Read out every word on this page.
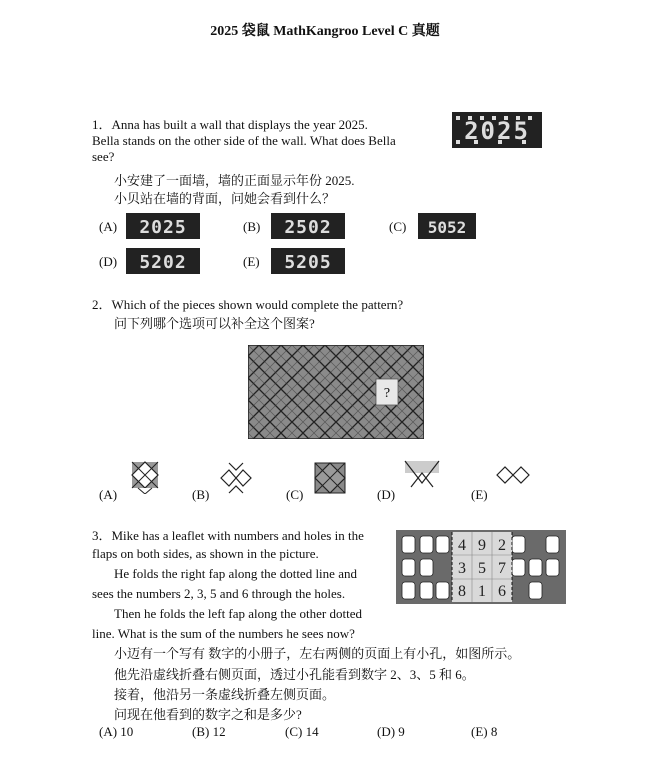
2025 袋鼠 MathKangroo Level C 真题
1．Anna has built a wall that displays the year 2025.
Bella stands on the other side of the wall. What does Bella
see?
小安建了一面墙，墙的正面显示年份 2025.
小贝站在墙的背面，问她会看到什么？
2025
(A) 2025	(B) 2502	(C) 5052
(D) 5202	(E) 5205
2．Which of the pieces shown would complete the pattern?
问下列哪个选项可以补全这个图案?
?
(A)	(B)	(C)	(D)	(E)
3．Mike has a leaflet with numbers and holes in the
flaps on both sides, as shown in the picture.
He folds the right fap along the dotted line and
sees the numbers 2, 3, 5 and 6 through the holes.
Then he folds the left fap along the other dotted
line. What is the sum of the numbers he sees now?
小迈有一个写有 数字的小册子，左右两侧的页面上有小孔，如图所示。
他先沿虚线折叠右侧页面，透过小孔能看到数字 2、3、5 和 6。
接着，他沿另一条虚线折叠左侧页面。
问现在他看到的数字之和是多少?
4 9 2
3 5 7
8 1 6
(A) 10	(B) 12	(C) 14	(D) 9	(E) 8
